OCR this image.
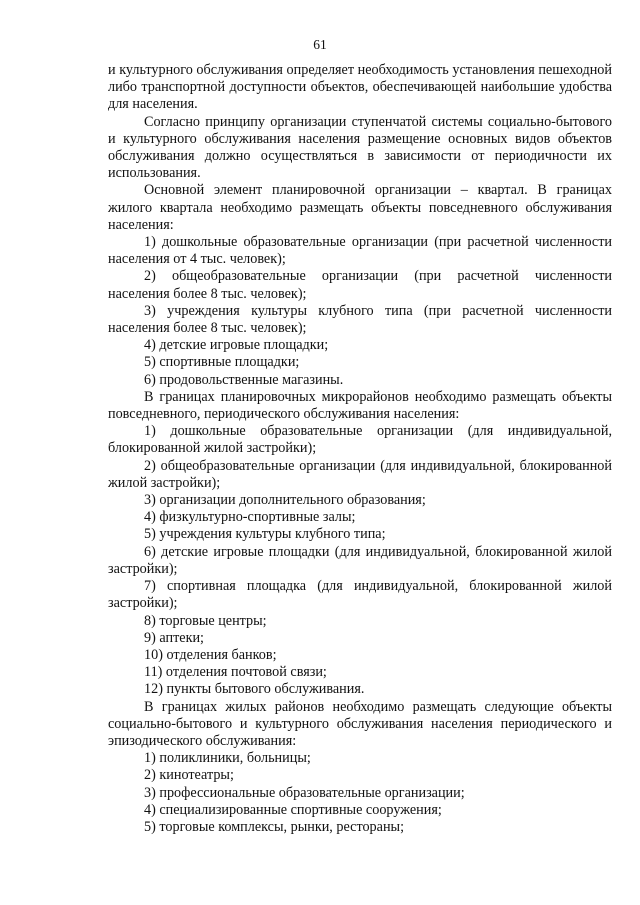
61

и культурного обслуживания определяет необходимость установления пешеходной либо транспортной доступности объектов, обеспечивающей наибольшие удобства для населения.

Согласно принципу организации ступенчатой системы социально-бытового и культурного обслуживания населения размещение основных видов объектов обслуживания должно осуществляться в зависимости от периодичности их использования.

Основной элемент планировочной организации – квартал. В границах жилого квартала необходимо размещать объекты повседневного обслуживания населения:

1) дошкольные образовательные организации (при расчетной численности населения от 4 тыс. человек);

2) общеобразовательные организации (при расчетной численности населения более 8 тыс. человек);

3) учреждения культуры клубного типа (при расчетной численности населения более 8 тыс. человек);

4) детские игровые площадки;

5) спортивные площадки;

6) продовольственные магазины.

В границах планировочных микрорайонов необходимо размещать объекты повседневного, периодического обслуживания населения:

1) дошкольные образовательные организации (для индивидуальной, блокированной жилой застройки);

2) общеобразовательные организации (для индивидуальной, блокированной жилой застройки);

3) организации дополнительного образования;

4) физкультурно-спортивные залы;

5) учреждения культуры клубного типа;

6) детские игровые площадки (для индивидуальной, блокированной жилой застройки);

7) спортивная площадка (для индивидуальной, блокированной жилой застройки);

8) торговые центры;

9) аптеки;

10) отделения банков;

11) отделения почтовой связи;

12) пункты бытового обслуживания.

В границах жилых районов необходимо размещать следующие объекты социально-бытового и культурного обслуживания населения периодического и эпизодического обслуживания:

1) поликлиники, больницы;

2) кинотеатры;

3) профессиональные образовательные организации;

4) специализированные спортивные сооружения;

5) торговые комплексы, рынки, рестораны;
